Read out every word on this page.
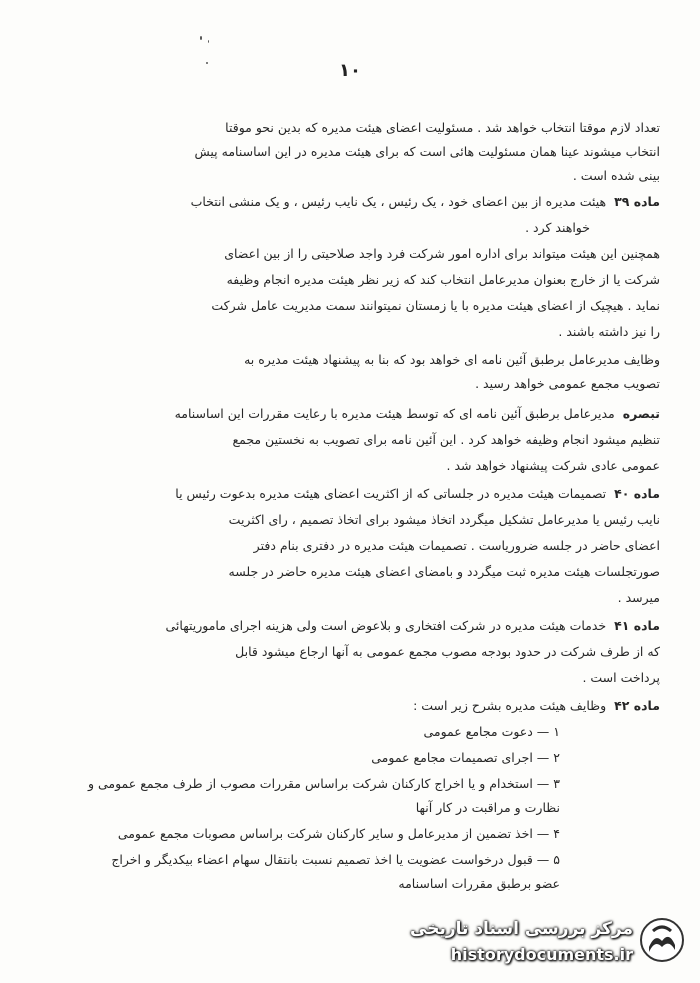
۱۰
تعداد لازم موقتا انتخاب خواهد شد . مسئولیت اعضای هیئت مدیره که بدین نحو موقتا
انتخاب میشوند عینا همان مسئولیت هائی است که برای هیئت مدیره در این اساسنامه پیش
بینی شده است .
ماده ۳۹ هیئت مدیره از بین اعضای خود ، یک رئیس ، یک نایب رئیس ، و یک منشی انتخاب
خواهند کرد .
همچنین این هیئت میتواند برای اداره امور شرکت فرد واجد صلاحیتی را از بین اعضای
شرکت یا از خارج بعنوان مدیرعامل انتخاب کند که زیر نظر هیئت مدیره انجام وظیفه
نماید . هیچیک از اعضای هیئت مدیره با یا زمستان نمیتوانند سمت مدیریت عامل شرکت
را نیز داشته باشند .
وظایف مدیرعامل برطبق آئین نامه ای خواهد بود که بنا به پیشنهاد هیئت مدیره به
تصویب مجمع عمومی خواهد رسید .
تبصره مدیرعامل برطبق آئین نامه ای که توسط هیئت مدیره با رعایت مقررات این اساسنامه
تنظیم میشود انجام وظیفه خواهد کرد . این آئین نامه برای تصویب به نخستین مجمع
عمومی عادی شرکت پیشنهاد خواهد شد .
ماده ۴۰ تصمیمات هیئت مدیره در جلساتی که از اکثریت اعضای هیئت مدیره بدعوت رئیس یا
نایب رئیس یا مدیرعامل تشکیل میگردد اتخاذ میشود برای اتخاذ تصمیم ، رای اکثریت
اعضای حاضر در جلسه ضروریاست . تصمیمات هیئت مدیره در دفتری بنام دفتر
صورتجلسات هیئت مدیره ثبت میگردد و بامضای اعضای هیئت مدیره حاضر در جلسه
میرسد .
ماده ۴۱ خدمات هیئت مدیره در شرکت افتخاری و بلاعوض است ولی هزینه اجرای ماموریتهائی
که از طرف شرکت در حدود بودجه مصوب مجمع عمومی به آنها ارجاع میشود قابل
پرداخت است .
ماده ۴۲ وظایف هیئت مدیره بشرح زیر است :
۱ — دعوت مجامع عمومی
۲ — اجرای تصمیمات مجامع عمومی
۳ — استخدام و یا اخراج کارکنان شرکت براساس مقررات مصوب از طرف مجمع عمومی و
نظارت و مراقبت در کار آنها
۴ — اخذ تضمین از مدیرعامل و سایر کارکنان شرکت براساس مصوبات مجمع عمومی
۵ — قبول درخواست عضویت یا اخذ تصمیم نسبت بانتقال سهام اعضاء بیکدیگر و اخراج
عضو برطبق مقررات اساسنامه
مرکز بررسی اسناد تاریخی
historydocuments.ir
